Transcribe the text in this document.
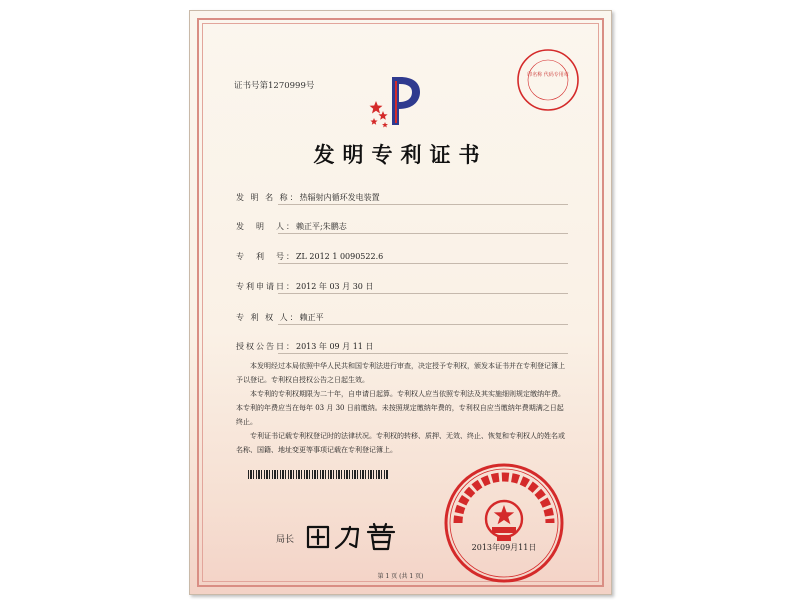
证书号第1270999号
印名称 代码专用章
发明专利证书
发 明 名 称：热辐射内循环发电装置
发　明　人：赖正平;朱鹏志
专　利　号：ZL 2012 1 0090522.6
专利申请日：2012 年 03 月 30 日
专 利 权 人：赖正平
授权公告日：2013 年 09 月 11 日

本发明经过本局依照中华人民共和国专利法进行审查，决定授予专利权，颁发本证书并在专利登记簿上予以登记。专利权自授权公告之日起生效。

本专利的专利权期限为二十年，自申请日起算。专利权人应当依照专利法及其实施细则规定缴纳年费。本专利的年费应当在每年 03 月 30 日前缴纳。未按照规定缴纳年费的，专利权自应当缴纳年费期满之日起终止。

专利证书记载专利权登记时的法律状况。专利权的转移、质押、无效、终止、恢复和专利权人的姓名或名称、国籍、地址变更等事项记载在专利登记簿上。

局长
2013年09月11日
第 1 页 (共 1 页)
